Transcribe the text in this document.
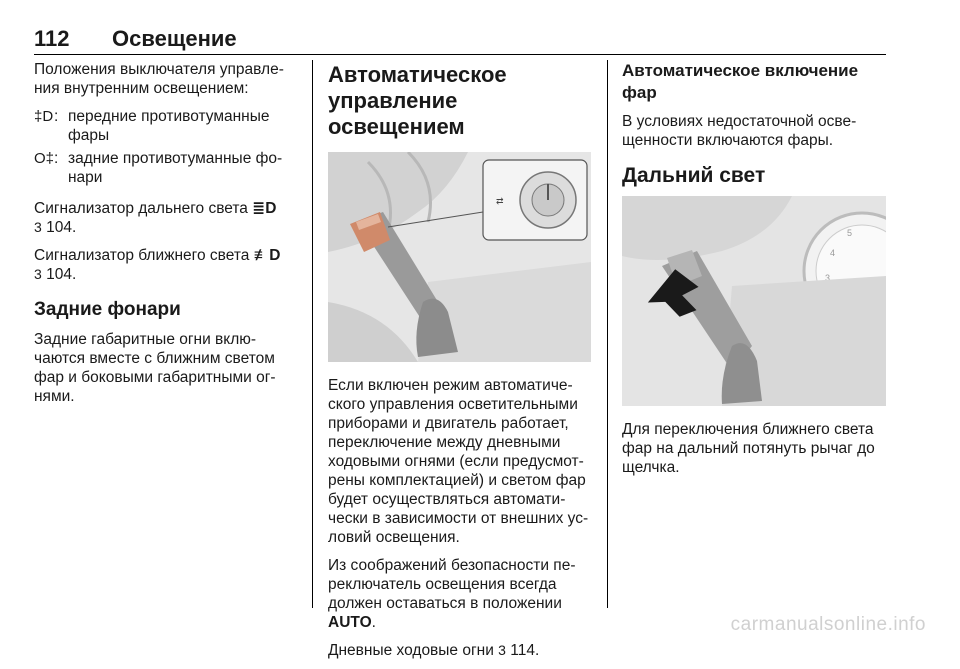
112 Освещение

Положения выключателя управления внутренним освещением:

‡D : передние противотуманные фары
O‡ : задние противотуманные фонари

Сигнализатор дальнего света ≣D
3 104.

Сигнализатор ближнего света ≢D
3 104.

Задние фонари

Задние габаритные огни включаются вместе с ближним светом фар и боковыми габаритными огнями.

Автоматическое управление освещением
⇄

Если включен режим автоматического управления осветительными приборами и двигатель работает, переключение между дневными ходовыми огнями (если предусмотрены комплектацией) и светом фар будет осуществляться автоматически в зависимости от внешних условий освещения.

Из соображений безопасности переключатель освещения всегда должен оставаться в положении AUTO.

Дневные ходовые огни 3 114.

Автоматическое включение фар

В условиях недостаточной освещенности включаются фары.

Дальний свет
4
3
5

Для переключения ближнего света фар на дальний потянуть рычаг до щелчка.

carmanualsonline.info
